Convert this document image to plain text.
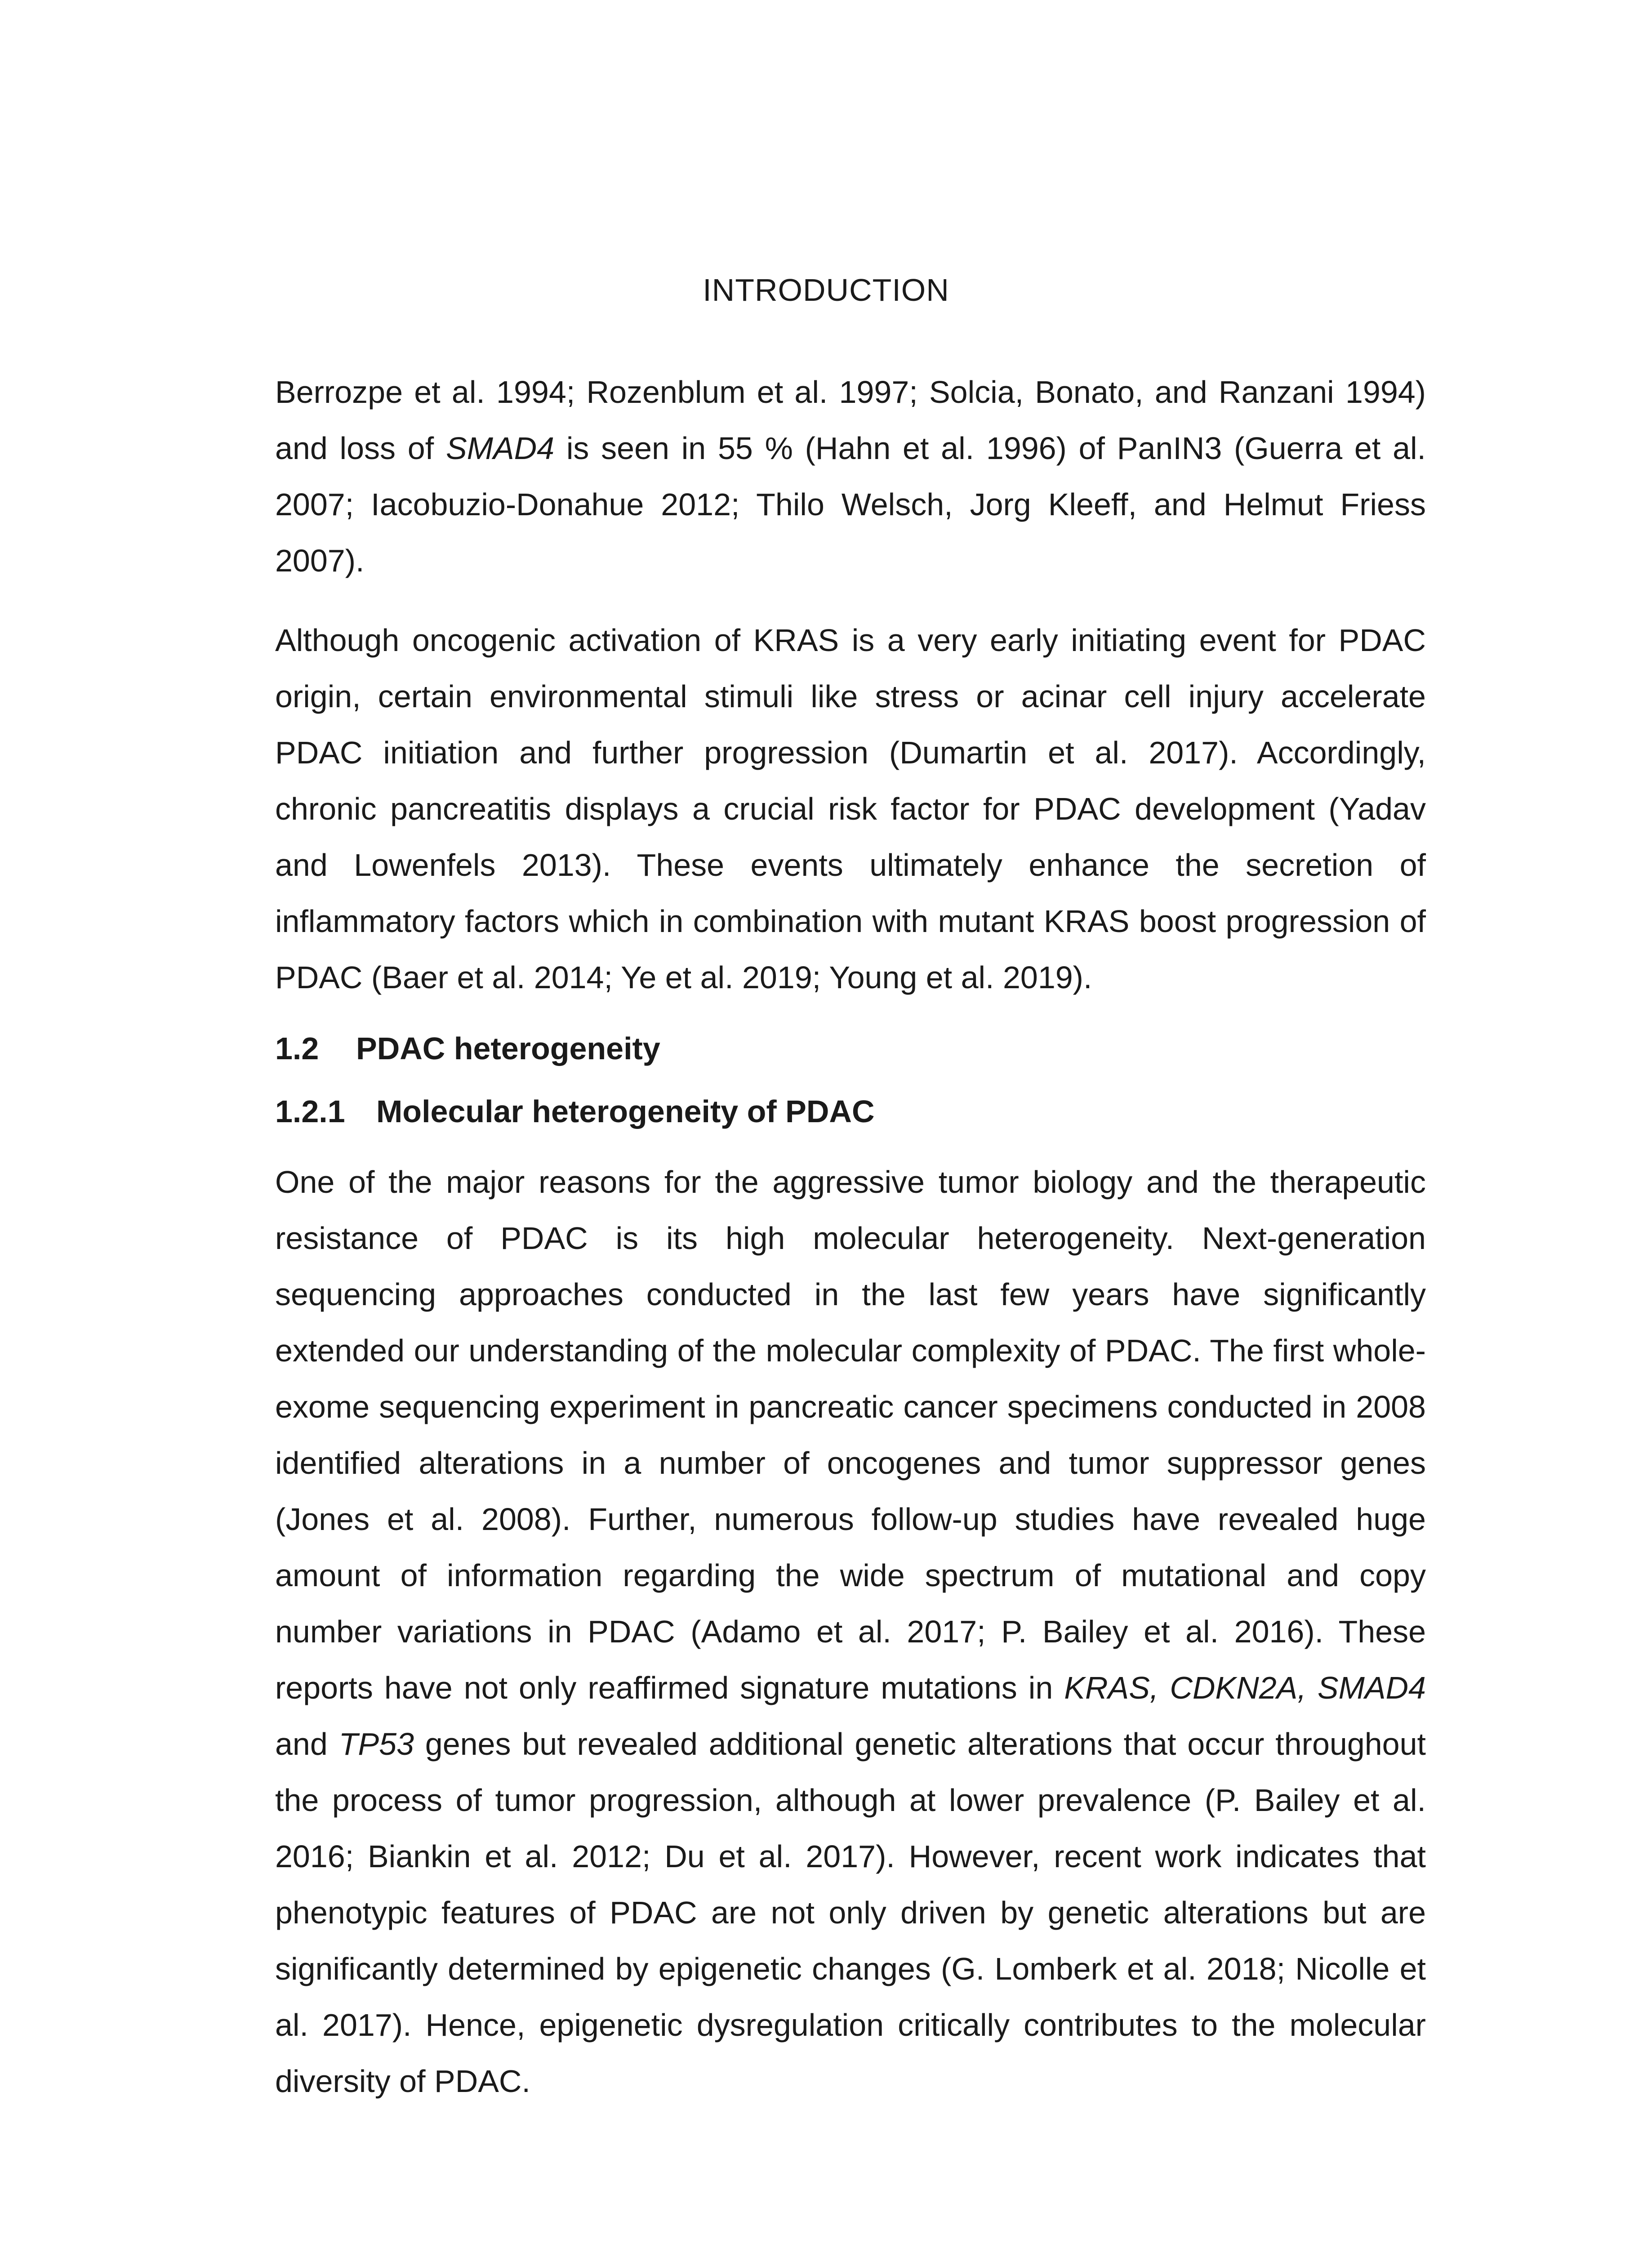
INTRODUCTION

Berrozpe et al. 1994; Rozenblum et al. 1997; Solcia, Bonato, and Ranzani 1994) and loss of SMAD4 is seen in 55 % (Hahn et al. 1996) of PanIN3 (Guerra et al. 2007; Iacobuzio-Donahue 2012; Thilo Welsch, Jorg Kleeff, and Helmut Friess 2007).

Although oncogenic activation of KRAS is a very early initiating event for PDAC origin, certain environmental stimuli like stress or acinar cell injury accelerate PDAC initiation and further progression (Dumartin et al. 2017). Accordingly, chronic pancreatitis displays a crucial risk factor for PDAC development (Yadav and Lowenfels 2013). These events ultimately enhance the secretion of inflammatory factors which in combination with mutant KRAS boost progression of PDAC (Baer et al. 2014; Ye et al. 2019; Young et al. 2019).

1.2	PDAC heterogeneity
1.2.1 Molecular heterogeneity of PDAC

One of the major reasons for the aggressive tumor biology and the therapeutic resistance of PDAC is its high molecular heterogeneity. Next-generation sequencing approaches conducted in the last few years have significantly extended our understanding of the molecular complexity of PDAC. The first whole-exome sequencing experiment in pancreatic cancer specimens conducted in 2008 identified alterations in a number of oncogenes and tumor suppressor genes (Jones et al. 2008). Further, numerous follow-up studies have revealed huge amount of information regarding the wide spectrum of mutational and copy number variations in PDAC (Adamo et al. 2017; P. Bailey et al. 2016). These reports have not only reaffirmed signature mutations in KRAS, CDKN2A, SMAD4 and TP53 genes but revealed additional genetic alterations that occur throughout the process of tumor progression, although at lower prevalence (P. Bailey et al. 2016; Biankin et al. 2012; Du et al. 2017). However, recent work indicates that phenotypic features of PDAC are not only driven by genetic alterations but are significantly determined by epigenetic changes (G. Lomberk et al. 2018; Nicolle et al. 2017). Hence, epigenetic dysregulation critically contributes to the molecular diversity of PDAC.
